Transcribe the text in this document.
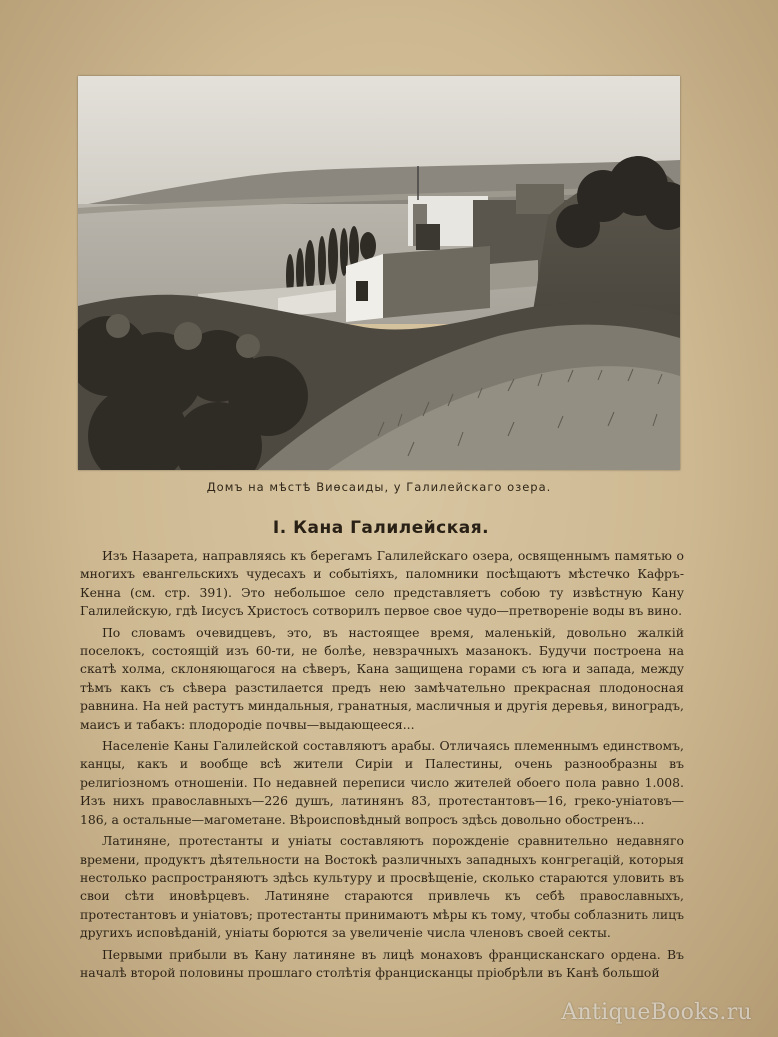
Домъ на мѣстѣ Виѳсаиды, у Галилейскаго озера.
I. Кана Галилейская.

Изъ Назарета, направляясь къ берегамъ Галилейскаго озера, освященнымъ памятью о многихъ евангельскихъ чудесахъ и событіяхъ, паломники посѣщаютъ мѣстечко Кафръ-Кенна (см. стр. 391). Это небольшое село представляетъ собою ту извѣстную Кану Галилейскую, гдѣ Іисусъ Христосъ сотворилъ первое свое чудо—претвореніе воды въ вино.

По словамъ очевидцевъ, это, въ настоящее время, маленькій, довольно жалкій поселокъ, состоящій изъ 60-ти, не болѣе, невзрачныхъ мазанокъ. Будучи построена на скатѣ холма, склоняющагося на сѣверъ, Кана защищена горами съ юга и запада, между тѣмъ какъ съ сѣвера разстилается предъ нею замѣчательно прекрасная плодоносная равнина. На ней растутъ миндальныя, гранатныя, масличныя и другія деревья, виноградъ, маисъ и табакъ: плодородіе почвы—выдающееся...

Населеніе Каны Галилейской составляютъ арабы. Отличаясь племеннымъ единствомъ, канцы, какъ и вообще всѣ жители Сиріи и Палестины, очень разнообразны въ религіозномъ отношеніи. По недавней переписи число жителей обоего пола равно 1.008. Изъ нихъ православныхъ—226 душъ, латинянъ 83, протестантовъ—16, греко-уніатовъ—186, а остальные—магометане. Вѣроисповѣдный вопросъ здѣсь довольно обостренъ...

Латиняне, протестанты и уніаты составляютъ порожденіе сравнительно недавняго времени, продуктъ дѣятельности на Востокѣ различныхъ западныхъ конгрегацій, которыя нестолько распространяютъ здѣсь культуру и просвѣщеніе, сколько стараются уловить въ свои сѣти иновѣрцевъ. Латиняне стараются привлечь къ себѣ православныхъ, протестантовъ и уніатовъ; протестанты принимаютъ мѣры къ тому, чтобы соблазнить лицъ другихъ исповѣданій, уніаты борются за увеличеніе числа членовъ своей секты.

Первыми прибыли въ Кану латиняне въ лицѣ монаховъ францисканскаго ордена. Въ началѣ второй половины прошлаго столѣтія францисканцы пріобрѣли въ Канѣ большой

AntiqueBooks.ru
